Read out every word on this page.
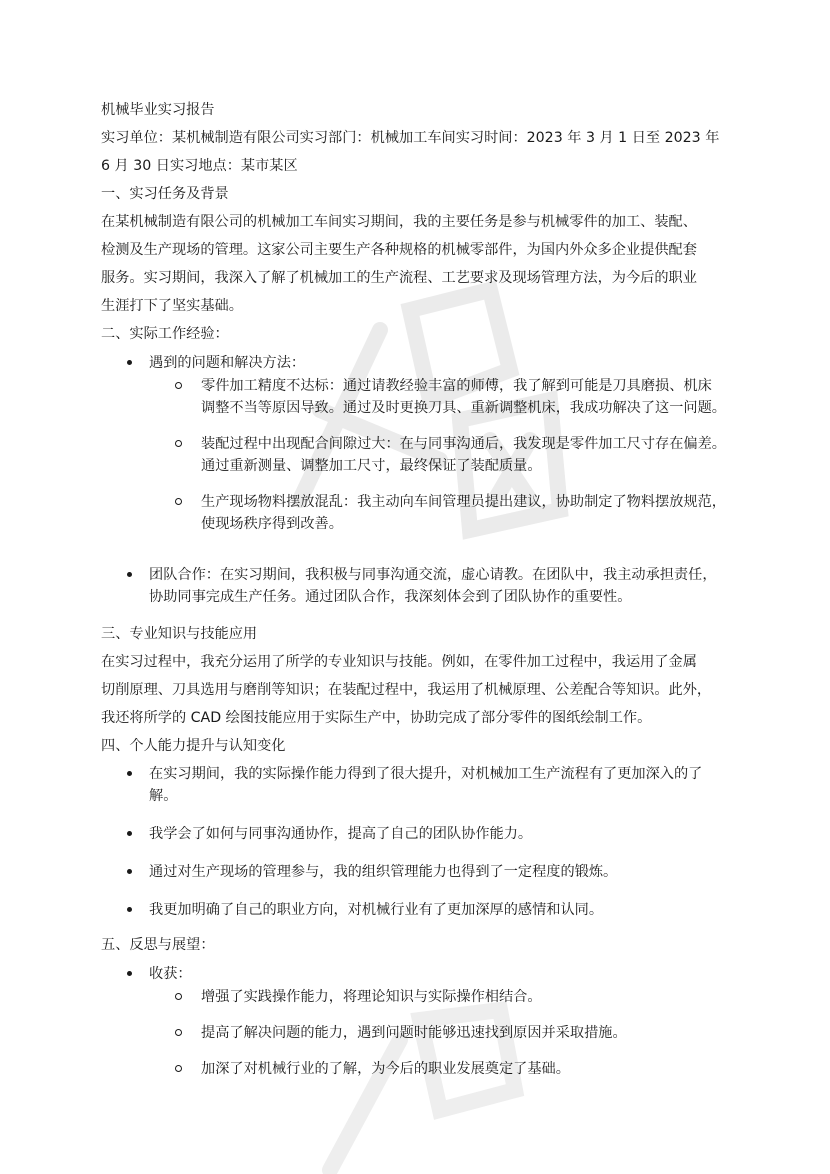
机械毕业实习报告
实习单位：某机械制造有限公司实习部门：机械加工车间实习时间：2023 年 3 月 1 日至 2023 年
6 月 30 日实习地点：某市某区
一、实习任务及背景
在某机械制造有限公司的机械加工车间实习期间，我的主要任务是参与机械零件的加工、装配、
检测及生产现场的管理。这家公司主要生产各种规格的机械零部件，为国内外众多企业提供配套
服务。实习期间，我深入了解了机械加工的生产流程、工艺要求及现场管理方法，为今后的职业
生涯打下了坚实基础。
二、实际工作经验：
遇到的问题和解决方法：
零件加工精度不达标：通过请教经验丰富的师傅，我了解到可能是刀具磨损、机床
调整不当等原因导致。通过及时更换刀具、重新调整机床，我成功解决了这一问题。
装配过程中出现配合间隙过大：在与同事沟通后，我发现是零件加工尺寸存在偏差。
通过重新测量、调整加工尺寸，最终保证了装配质量。
生产现场物料摆放混乱：我主动向车间管理员提出建议，协助制定了物料摆放规范，
使现场秩序得到改善。
团队合作：在实习期间，我积极与同事沟通交流，虚心请教。在团队中，我主动承担责任，
协助同事完成生产任务。通过团队合作，我深刻体会到了团队协作的重要性。
三、专业知识与技能应用
在实习过程中，我充分运用了所学的专业知识与技能。例如，在零件加工过程中，我运用了金属
切削原理、刀具选用与磨削等知识；在装配过程中，我运用了机械原理、公差配合等知识。此外，
我还将所学的 CAD 绘图技能应用于实际生产中，协助完成了部分零件的图纸绘制工作。
四、个人能力提升与认知变化
在实习期间，我的实际操作能力得到了很大提升，对机械加工生产流程有了更加深入的了
解。
我学会了如何与同事沟通协作，提高了自己的团队协作能力。
通过对生产现场的管理参与，我的组织管理能力也得到了一定程度的锻炼。
我更加明确了自己的职业方向，对机械行业有了更加深厚的感情和认同。
五、反思与展望：
收获：
增强了实践操作能力，将理论知识与实际操作相结合。
提高了解决问题的能力，遇到问题时能够迅速找到原因并采取措施。
加深了对机械行业的了解，为今后的职业发展奠定了基础。
